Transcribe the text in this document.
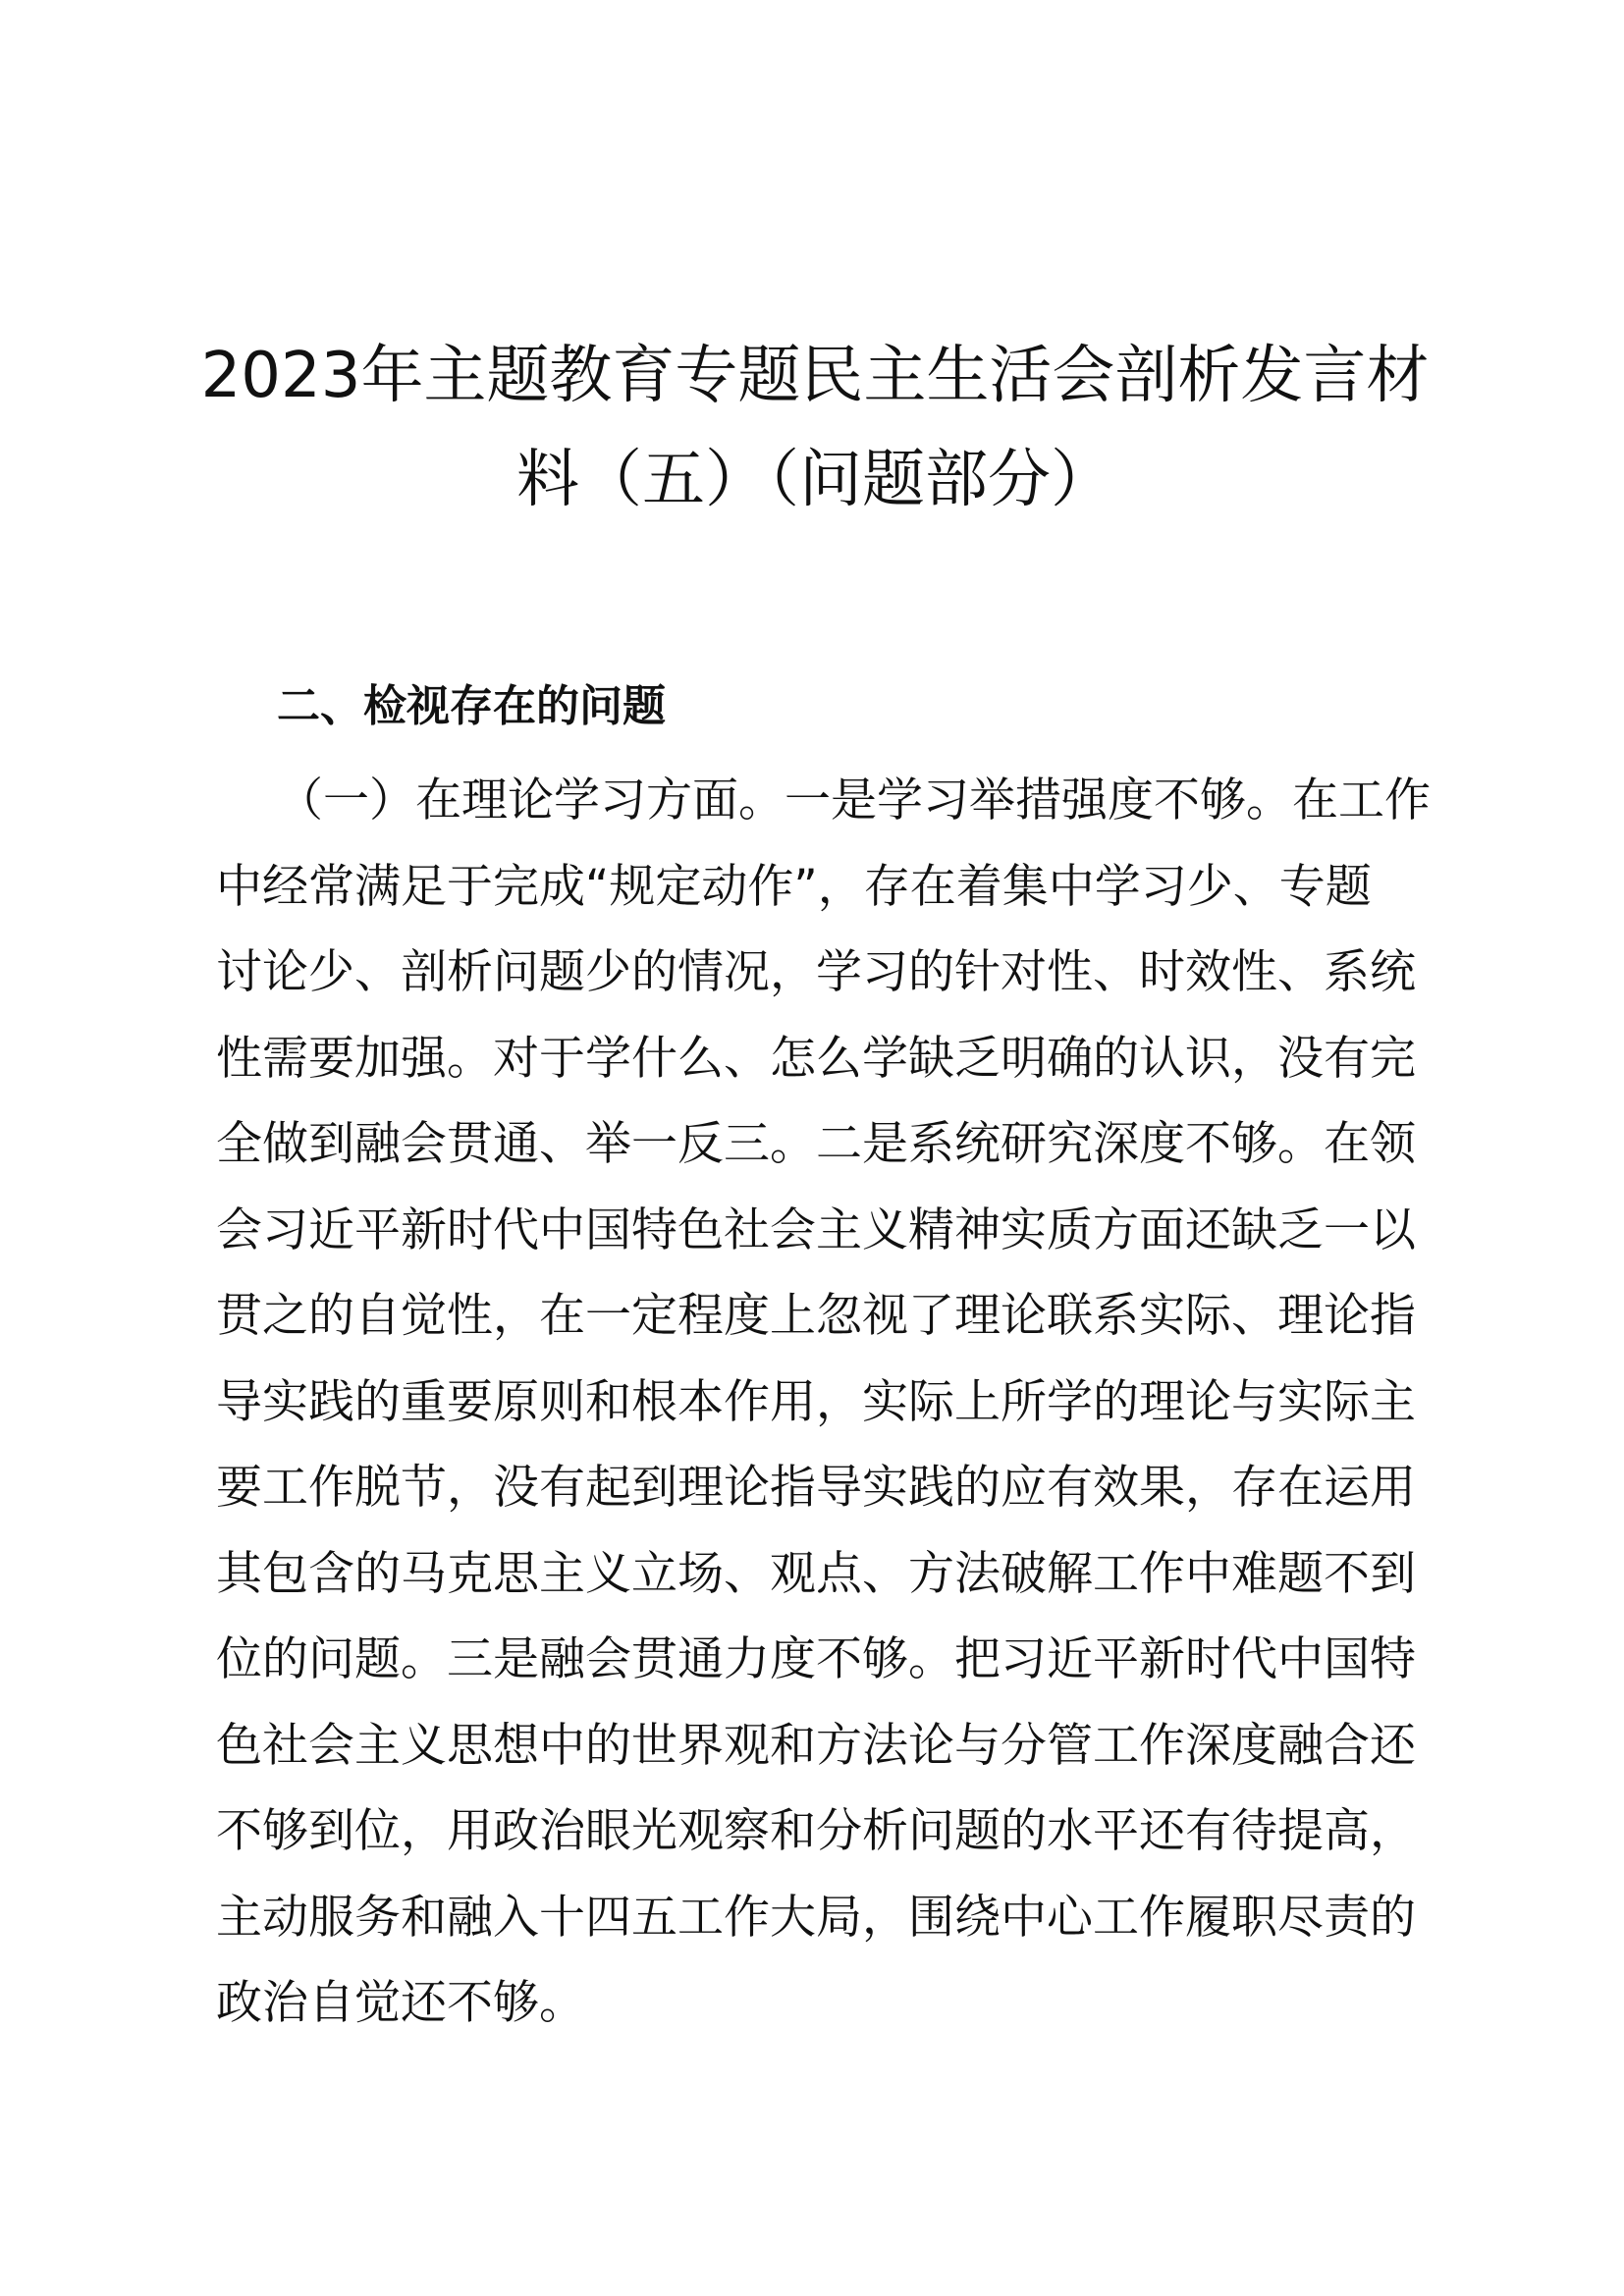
2023年主题教育专题民主生活会剖析发言材
料（五）（问题部分）
二、检视存在的问题
（一）在理论学习方面。一是学习举措强度不够。在工作
中经常满足于完成“规定动作”，存在着集中学习少、专题
讨论少、剖析问题少的情况，学习的针对性、时效性、系统
性需要加强。对于学什么、怎么学缺乏明确的认识，没有完
全做到融会贯通、举一反三。二是系统研究深度不够。在领
会习近平新时代中国特色社会主义精神实质方面还缺乏一以
贯之的自觉性，在一定程度上忽视了理论联系实际、理论指
导实践的重要原则和根本作用，实际上所学的理论与实际主
要工作脱节，没有起到理论指导实践的应有效果，存在运用
其包含的马克思主义立场、观点、方法破解工作中难题不到
位的问题。三是融会贯通力度不够。把习近平新时代中国特
色社会主义思想中的世界观和方法论与分管工作深度融合还
不够到位，用政治眼光观察和分析问题的水平还有待提高，
主动服务和融入十四五工作大局，围绕中心工作履职尽责的
政治自觉还不够。
